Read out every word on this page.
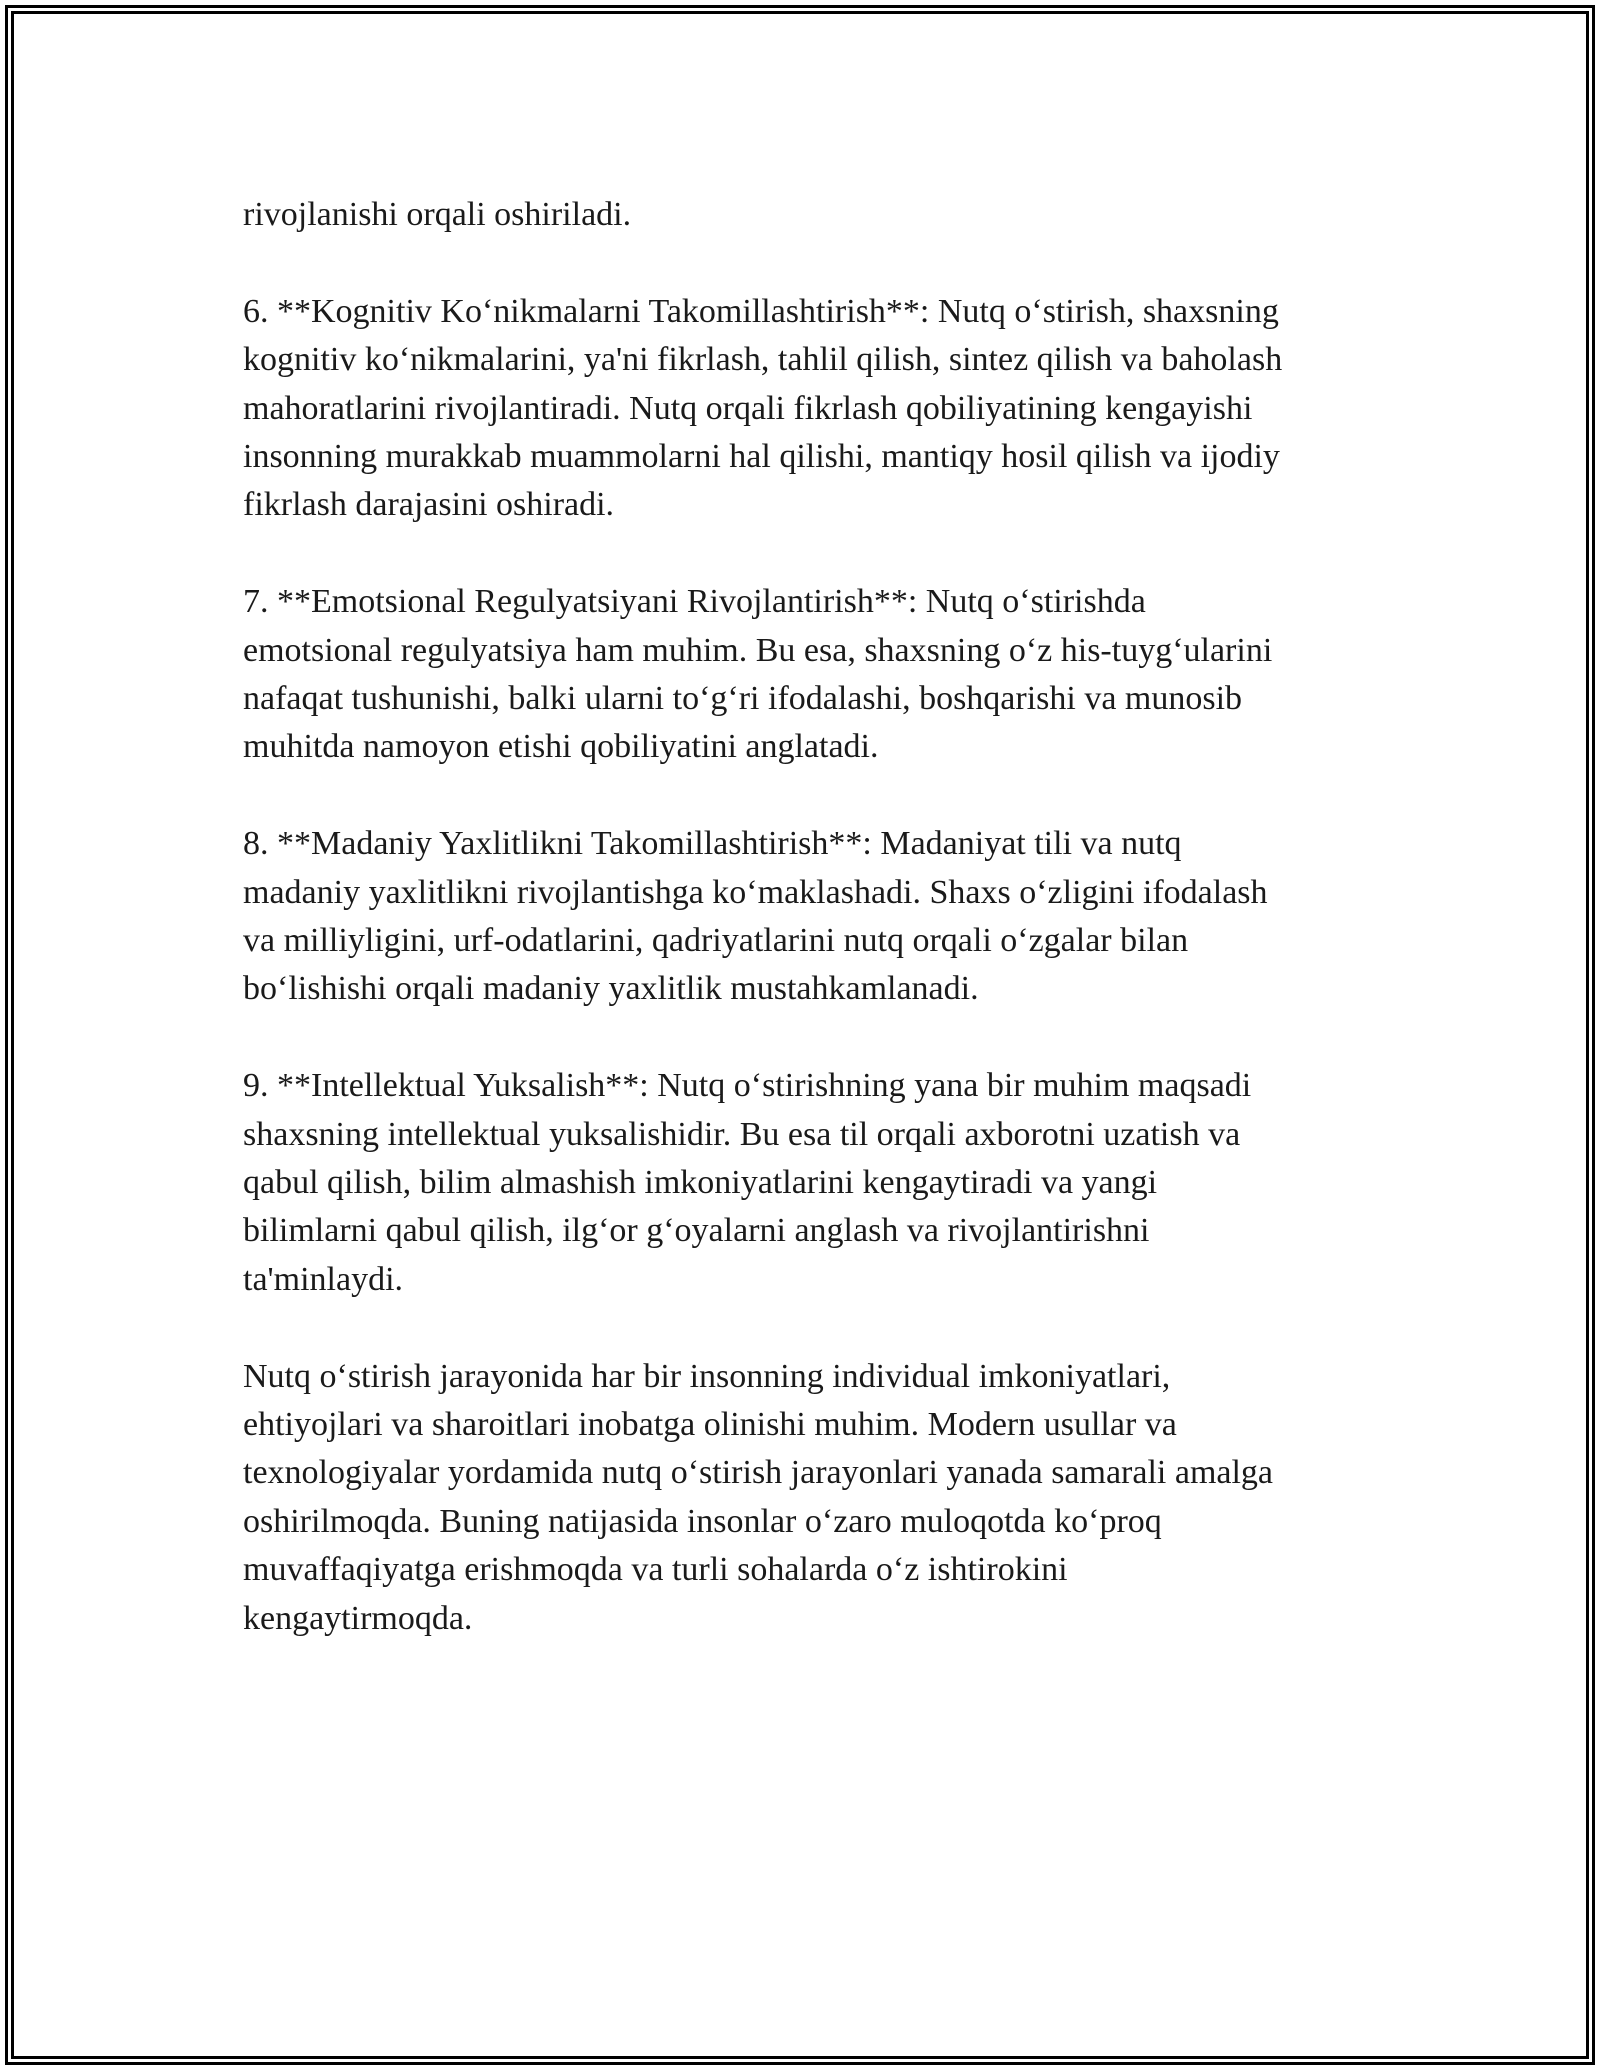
rivojlanishi orqali oshiriladi.

6. **Kognitiv Koʻnikmalarni Takomillashtirish**: Nutq oʻstirish, shaxsning
kognitiv koʻnikmalarini, ya'ni fikrlash, tahlil qilish, sintez qilish va baholash
mahoratlarini rivojlantiradi. Nutq orqali fikrlash qobiliyatining kengayishi
insonning murakkab muammolarni hal qilishi, mantiqy hosil qilish va ijodiy
fikrlash darajasini oshiradi.

7. **Emotsional Regulyatsiyani Rivojlantirish**: Nutq oʻstirishda
emotsional regulyatsiya ham muhim. Bu esa, shaxsning oʻz his-tuygʻularini
nafaqat tushunishi, balki ularni toʻgʻri ifodalashi, boshqarishi va munosib
muhitda namoyon etishi qobiliyatini anglatadi.

8. **Madaniy Yaxlitlikni Takomillashtirish**: Madaniyat tili va nutq
madaniy yaxlitlikni rivojlantishga koʻmaklashadi. Shaxs oʻzligini ifodalash
va milliyligini, urf-odatlarini, qadriyatlarini nutq orqali oʻzgalar bilan
boʻlishishi orqali madaniy yaxlitlik mustahkamlanadi.

9. **Intellektual Yuksalish**: Nutq oʻstirishning yana bir muhim maqsadi
shaxsning intellektual yuksalishidir. Bu esa til orqali axborotni uzatish va
qabul qilish, bilim almashish imkoniyatlarini kengaytiradi va yangi
bilimlarni qabul qilish, ilgʻor gʻoyalarni anglash va rivojlantirishni
ta'minlaydi.

Nutq oʻstirish jarayonida har bir insonning individual imkoniyatlari,
ehtiyojlari va sharoitlari inobatga olinishi muhim. Modern usullar va
texnologiyalar yordamida nutq oʻstirish jarayonlari yanada samarali amalga
oshirilmoqda. Buning natijasida insonlar oʻzaro muloqotda koʻproq
muvaffaqiyatga erishmoqda va turli sohalarda oʻz ishtirokini
kengaytirmoqda.
